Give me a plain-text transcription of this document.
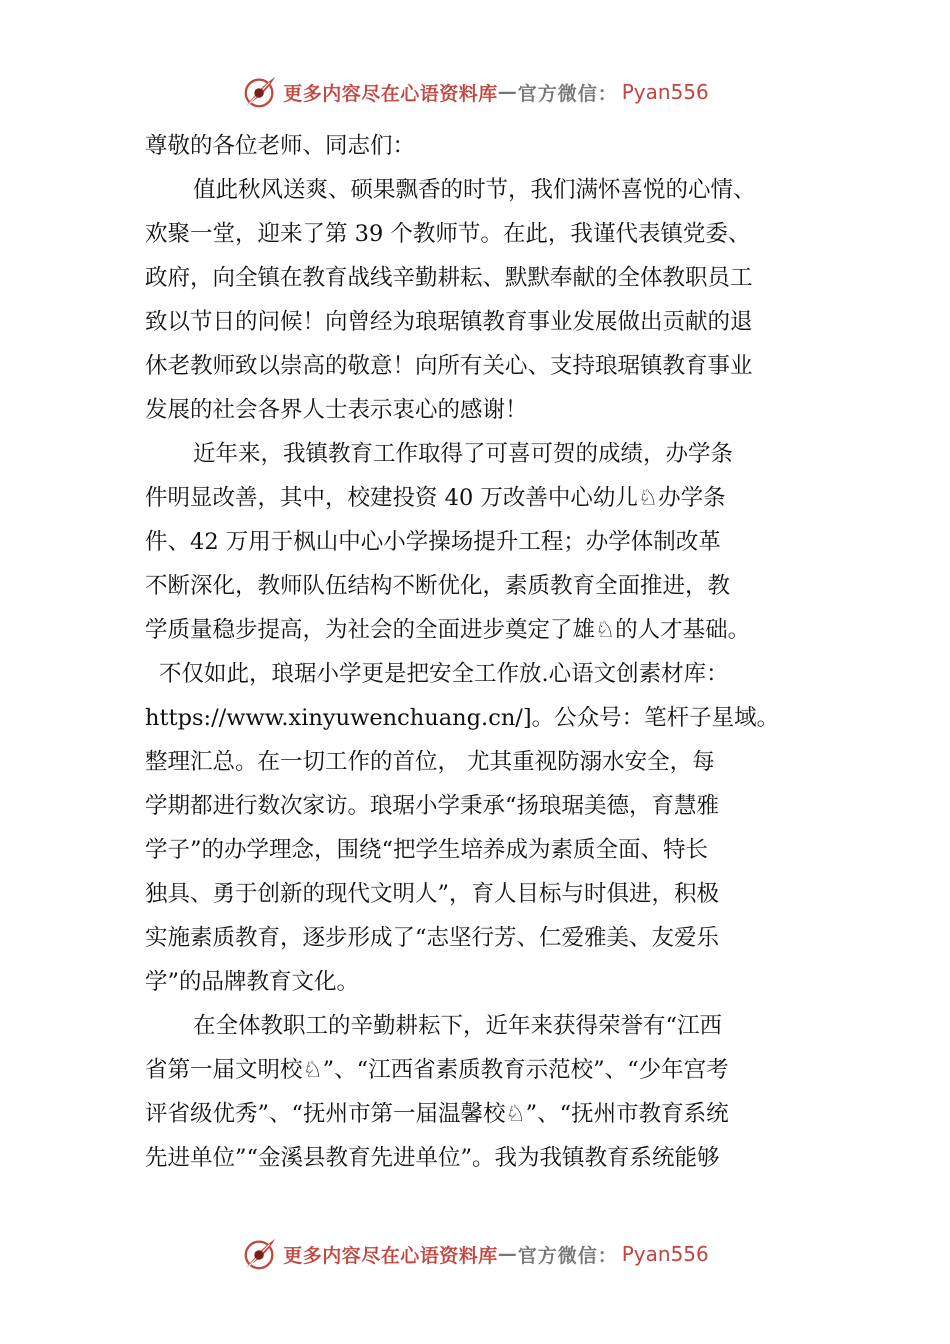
更多内容尽在心语资料库 — 官方微信： Pyan556
尊敬的各位老师、同志们：
值此秋风送爽、硕果飘香的时节，我们满怀喜悦的心情、
欢聚一堂，迎来了第 39 个教师节。在此，我谨代表镇党委、
政府，向全镇在教育战线辛勤耕耘、默默奉献的全体教职员工
致以节日的问候！向曾经为琅琚镇教育事业发展做出贡献的退
休老教师致以崇高的敬意！向所有关心、支持琅琚镇教育事业
发展的社会各界人士表示衷心的感谢！
近年来，我镇教育工作取得了可喜可贺的成绩，办学条
件明显改善，其中，校建投资 40 万改善中心幼儿♘办学条
件、42 万用于枫山中心小学操场提升工程；办学体制改革
不断深化，教师队伍结构不断优化，素质教育全面推进，教
学质量稳步提高，为社会的全面进步奠定了雄♘的人才基础。
不仅如此，琅琚小学更是把安全工作放.心语文创素材库：
https://www.xinyuwenchuang.cn/]。公众号：笔杆子星域。
整理汇总。在一切工作的首位， 尤其重视防溺水安全，每
学期都进行数次家访。琅琚小学秉承“扬琅琚美德，育慧雅
学子”的办学理念，围绕“把学生培养成为素质全面、特长
独具、勇于创新的现代文明人”，育人目标与时俱进，积极
实施素质教育，逐步形成了“志坚行芳、仁爱雅美、友爱乐
学”的品牌教育文化。
在全体教职工的辛勤耕耘下，近年来获得荣誉有“江西
省第一届文明校♘”、“江西省素质教育示范校”、“少年宫考
评省级优秀”、“抚州市第一届温馨校♘”、“抚州市教育系统
先进单位”“金溪县教育先进单位”。我为我镇教育系统能够
更多内容尽在心语资料库 — 官方微信： Pyan556
